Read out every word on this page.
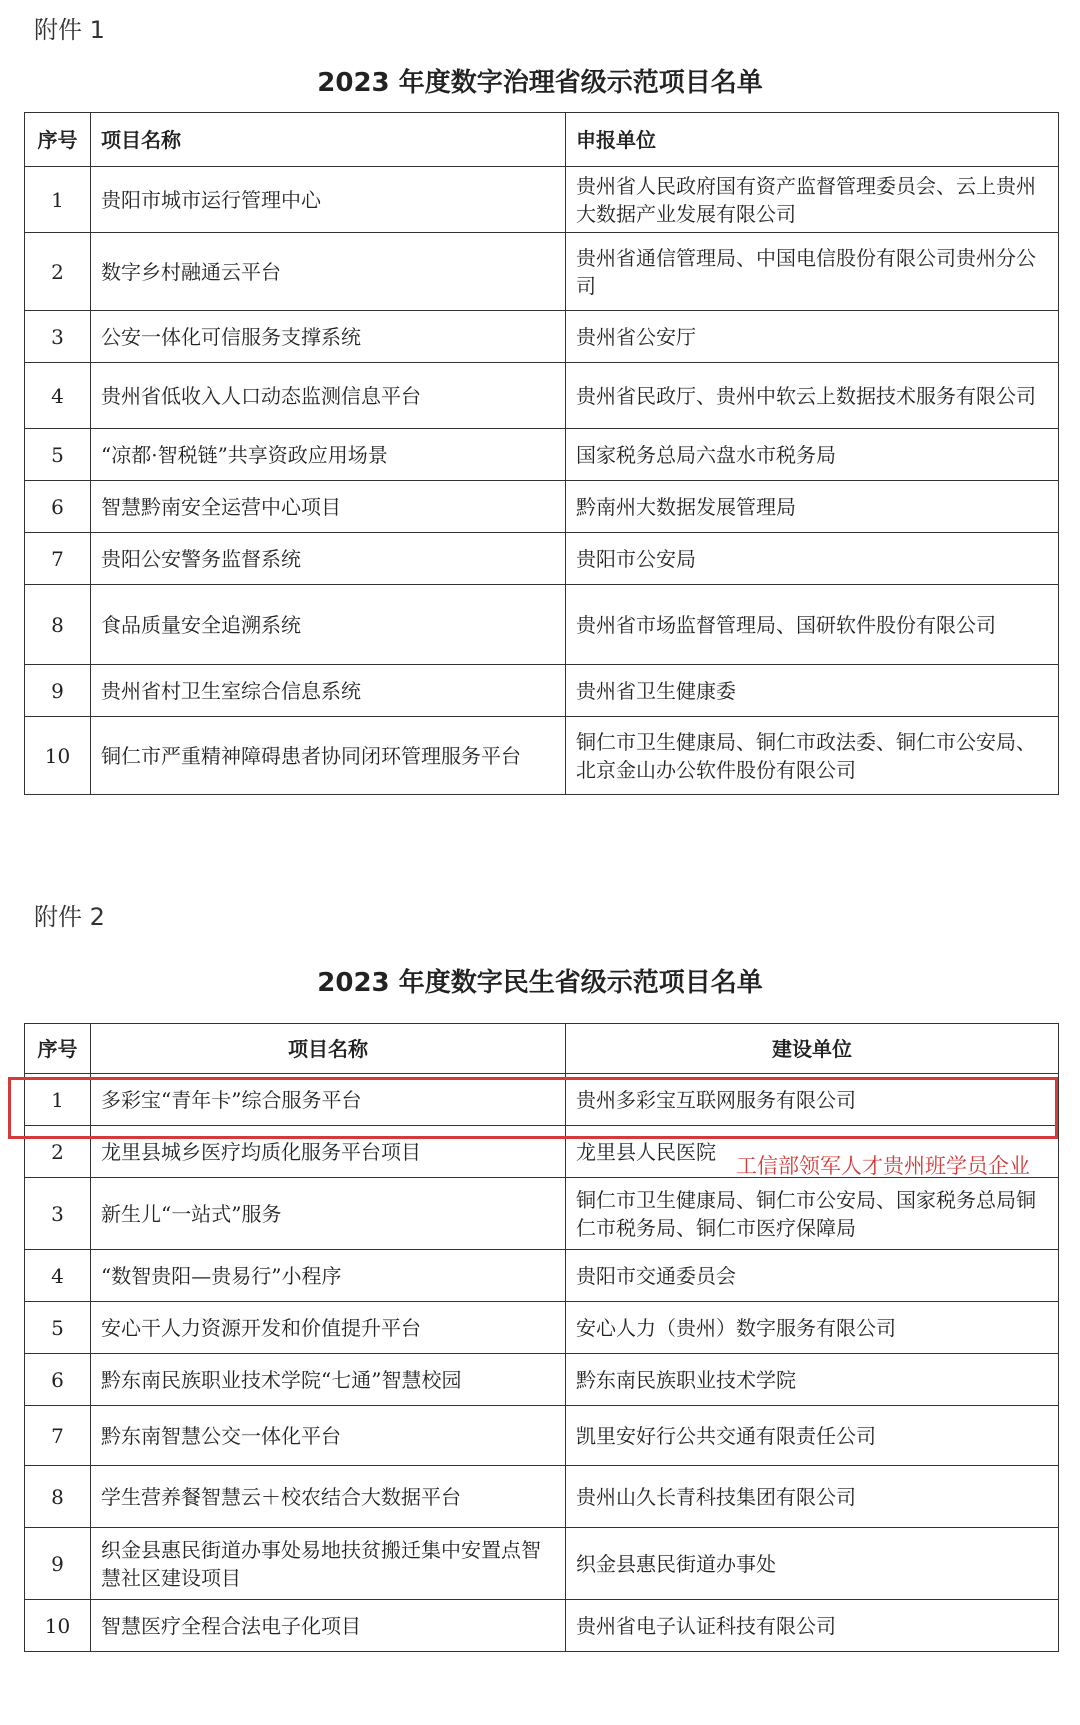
附件 1
2023 年度数字治理省级示范项目名单
序号	项目名称	申报单位
1	贵阳市城市运行管理中心	贵州省人民政府国有资产监督管理委员会、云上贵州大数据产业发展有限公司
2	数字乡村融通云平台	贵州省通信管理局、中国电信股份有限公司贵州分公司
3	公安一体化可信服务支撑系统	贵州省公安厅
4	贵州省低收入人口动态监测信息平台	贵州省民政厅、贵州中软云上数据技术服务有限公司
5	“凉都·智税链”共享资政应用场景	国家税务总局六盘水市税务局
6	智慧黔南安全运营中心项目	黔南州大数据发展管理局
7	贵阳公安警务监督系统	贵阳市公安局
8	食品质量安全追溯系统	贵州省市场监督管理局、国研软件股份有限公司
9	贵州省村卫生室综合信息系统	贵州省卫生健康委
10	铜仁市严重精神障碍患者协同闭环管理服务平台	铜仁市卫生健康局、铜仁市政法委、铜仁市公安局、北京金山办公软件股份有限公司
附件 2
2023 年度数字民生省级示范项目名单
序号	项目名称	建设单位
1	多彩宝“青年卡”综合服务平台	贵州多彩宝互联网服务有限公司
2	龙里县城乡医疗均质化服务平台项目	龙里县人民医院
3	新生儿“一站式”服务	铜仁市卫生健康局、铜仁市公安局、国家税务总局铜仁市税务局、铜仁市医疗保障局
4	“数智贵阳—贵易行”小程序	贵阳市交通委员会
5	安心干人力资源开发和价值提升平台	安心人力（贵州）数字服务有限公司
6	黔东南民族职业技术学院“七通”智慧校园	黔东南民族职业技术学院
7	黔东南智慧公交一体化平台	凯里安好行公共交通有限责任公司
8	学生营养餐智慧云＋校农结合大数据平台	贵州山久长青科技集团有限公司
9	织金县惠民街道办事处易地扶贫搬迁集中安置点智慧社区建设项目	织金县惠民街道办事处
10	智慧医疗全程合法电子化项目	贵州省电子认证科技有限公司
工信部领军人才贵州班学员企业
